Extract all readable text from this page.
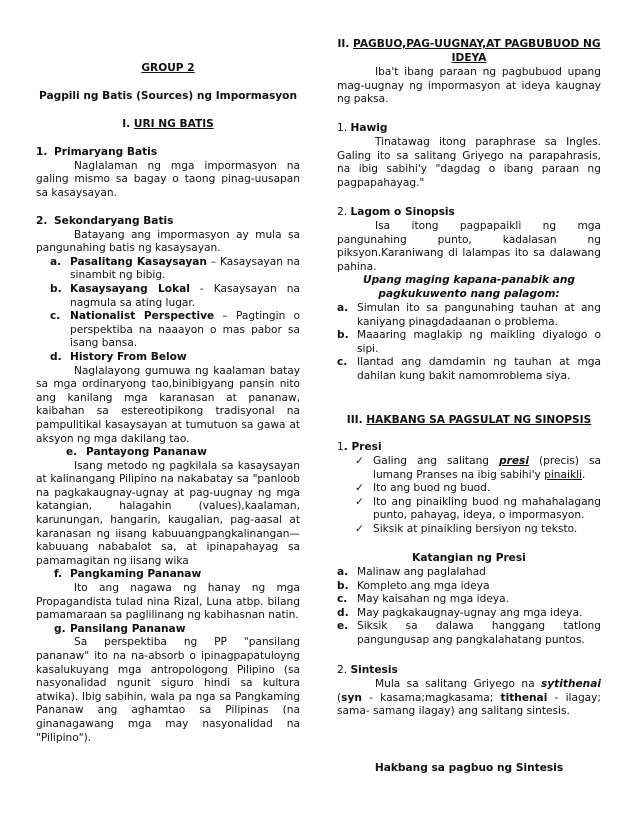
GROUP 2

Pagpili ng Batis (Sources) ng Impormasyon

I. URI NG BATIS

1. Primaryang Batis

Naglalaman ng mga impormasyon na galing mismo sa bagay o taong pinag-uusapan sa kasaysayan.

2. Sekondaryang Batis

Batayang ang impormasyon ay mula sa pangunahing batis ng kasaysayan.

a. Pasalitang Kasaysayan – Kasaysayan na sinambit ng bibig.
b. Kasaysayang Lokal - Kasaysayan na nagmula sa ating lugar.
c. Nationalist Perspective – Pagtingin o perspektiba na naaayon o mas pabor sa isang bansa.

d. History From Below

Naglalayong gumuwa ng kaalaman batay sa mga ordinaryong tao,binibigyang pansin nito ang kanilang mga karanasan at pananaw, kaibahan sa estereotipikong tradisyonal na pampulitikal kasaysayan at tumutuon sa gawa at aksyon ng mga dakilang tao.

e. Pantayong Pananaw

Isang metodo ng pagkilala sa kasaysayan at kalinangang Pilipino na nakabatay sa "panloob na pagkakaugnay-ugnay at pag-uugnay ng mga katangian, halagahin (values),kaalaman, karunungan, hangarin, kaugalian, pag-aasal at karanasan ng iisang kabuuangpangkalinangan—kabuuang nababalot sa, at ipinapahayag sa pamamagitan ng iisang wika

f. Pangkaming Pananaw

Ito ang nagawa ng hanay ng mga Propagandista tulad nina Rizal, Luna atbp. bilang pamamaraan sa paglilinang ng kabihasnan natin.

g. Pansilang Pananaw

Sa perspektiba ng PP "pansilang pananaw" ito na na-absorb o ipinagpapatuloyng kasalukuyang mga antropologong Pilipino (sa nasyonalidad ngunit siguro hindi sa kultura atwika). Ibig sabihin, wala pa nga sa Pangkaming Pananaw ang aghamtao sa Pilipinas (na ginanagawang mga may nasyonalidad na "Pilipino").

II. PAGBUO,PAG-UUGNAY,AT PAGBUBUOD NG IDEYA

Iba't ibang paraan ng pagbubuod upang mag-uugnay ng impormasyon at ideya kaugnay ng paksa.

1. Hawig

Tinatawag itong paraphrase sa Ingles. Galing ito sa salitang Griyego na parapahrasis, na ibig sabihi'y "dagdag o ibang paraan ng pagpapahayag."

2. Lagom o Sinopsis

Isa itong pagpapaikli ng mga pangunahing punto, kadalasan ng piksyon.Karaniwang di lalampas ito sa dalawang pahina.

Upang maging kapana-panabik ang pagkukuwento nang palagom:

a. Simulan ito sa pangunahing tauhan at ang kaniyang pinagdadaanan o problema.
b. Maaaring maglakip ng maikling diyalogo o sipi.
c. Ilantad ang damdamin ng tauhan at mga dahilan kung bakit namomroblema siya.

III. HAKBANG SA PAGSULAT NG SINOPSIS

1. Presi

✓ Galing ang salitang presi (precis) sa lumang Pranses na ibig sabihi'y pinaikli.
✓ Ito ang buod ng buod.
✓ Ito ang pinaikling buod ng mahahalagang punto, pahayag, ideya, o impormasyon.
✓ Siksik at pinaikling bersiyon ng teksto.

Katangian ng Presi

a. Malinaw ang paglalahad
b. Kompleto ang mga ideya
c. May kaisahan ng mga ideya.
d. May pagkakaugnay-ugnay ang mga ideya.
e. Siksik sa dalawa hanggang tatlong pangungusap ang pangkalahatang puntos.

2. Sintesis

Mula sa salitang Griyego na sytithenai (syn - kasama;magkasama; tithenai - ilagay; sama- samang ilagay) ang salitang sintesis.

Hakbang sa pagbuo ng Sintesis
